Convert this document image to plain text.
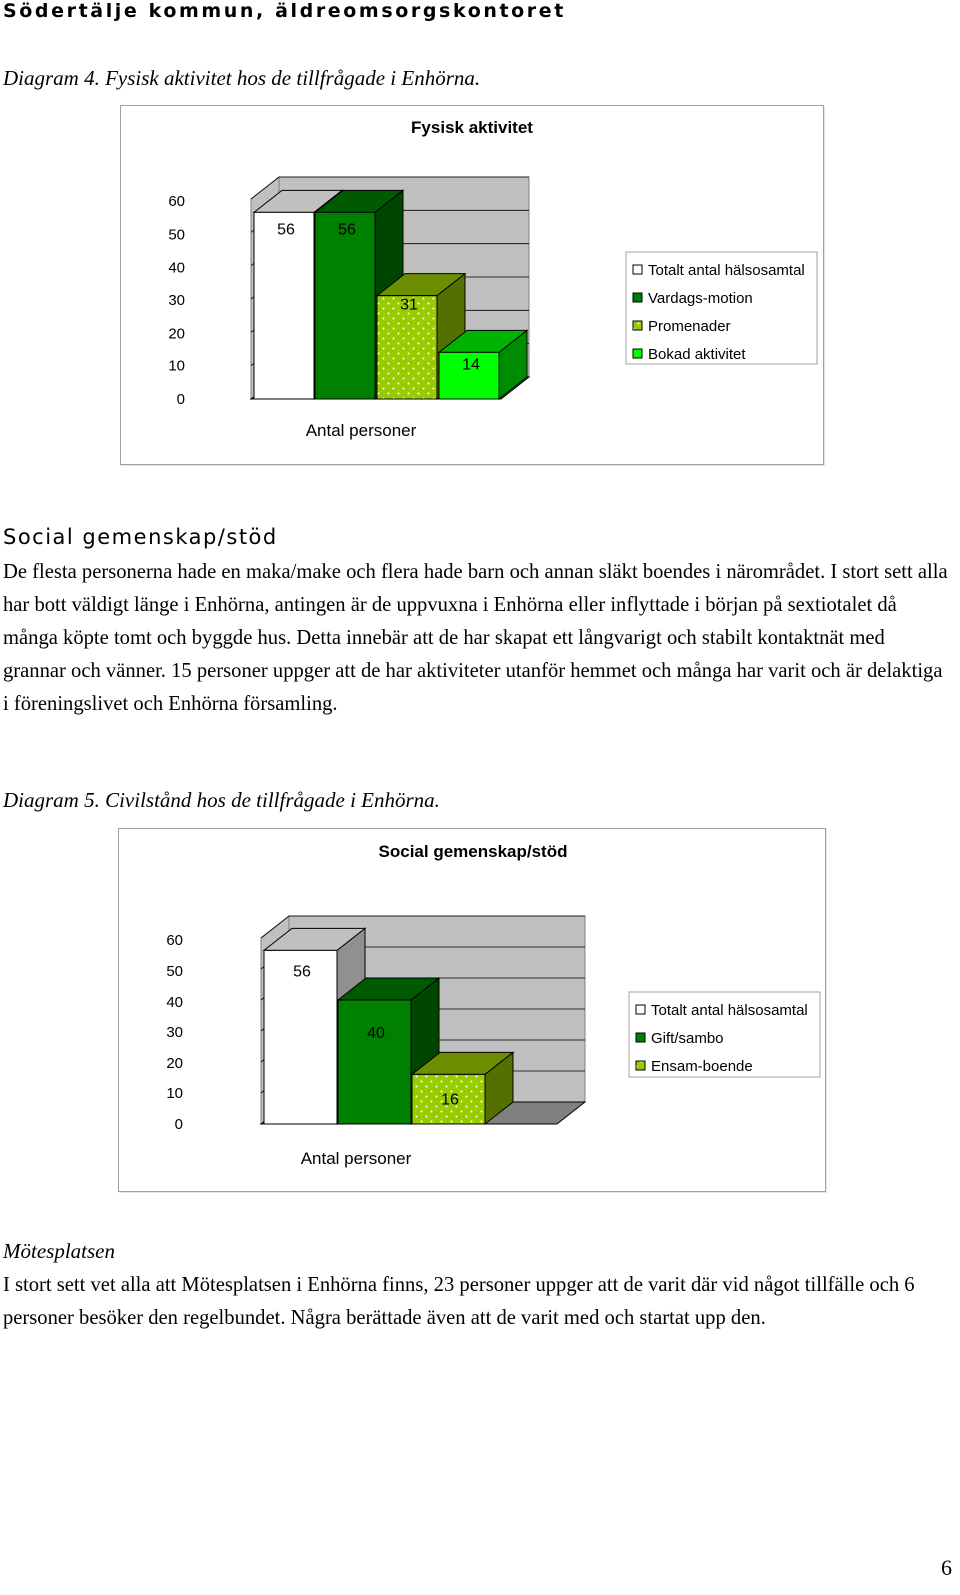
Södertälje kommun, äldreomsorgskontoret
Diagram 4. Fysisk aktivitet hos de tillfrågade i Enhörna.
0
10
20
30
40
50
60
56	56
31
14
Fysisk aktivitet
Antal personer
Totalt antal hälsosamtal
Vardags-motion
Promenader
Bokad aktivitet
Social gemenskap/stöd
De flesta personerna hade en maka/make och flera hade barn och annan släkt boendes i närområdet. I stort sett alla har bott väldigt länge i Enhörna, antingen är de uppvuxna i Enhörna eller inflyttade i början på sextiotalet då många köpte tomt och byggde hus. Detta innebär att de har skapat ett långvarigt och stabilt kontaktnät med grannar och vänner. 15 personer uppger att de har aktiviteter utanför hemmet och många har varit och är delaktiga i föreningslivet och Enhörna församling.
Diagram 5. Civilstånd hos de tillfrågade i Enhörna.
0
10
20
30
40
50
60
56
40
16
Social gemenskap/stöd
Antal personer
Totalt antal hälsosamtal
Gift/sambo
Ensam-boende
Mötesplatsen
I stort sett vet alla att Mötesplatsen i Enhörna finns, 23 personer uppger att de varit där vid något tillfälle och 6 personer besöker den regelbundet. Några berättade även att de varit med och startat upp den.
6
